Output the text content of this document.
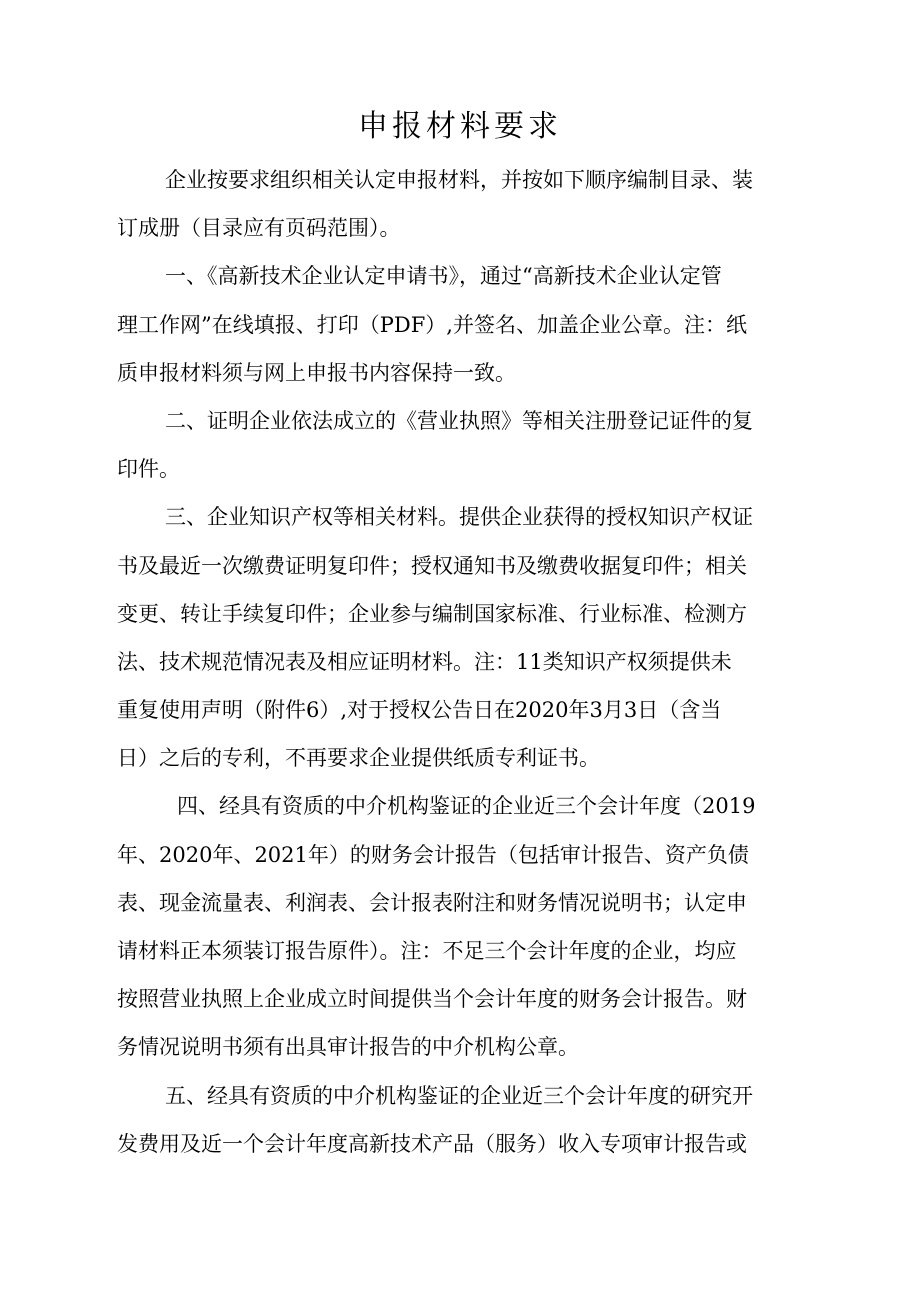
申报材料要求
企业按要求组织相关认定申报材料，并按如下顺序编制目录、装
订成册（目录应有页码范围）。
一、《高新技术企业认定申请书》，通过“高新技术企业认定管
理工作网”在线填报、打印（PDF）,并签名、加盖企业公章。注：纸
质申报材料须与网上申报书内容保持一致。
二、证明企业依法成立的《营业执照》等相关注册登记证件的复
印件。
三、企业知识产权等相关材料。提供企业获得的授权知识产权证
书及最近一次缴费证明复印件；授权通知书及缴费收据复印件；相关
变更、转让手续复印件；企业参与编制国家标准、行业标准、检测方
法、技术规范情况表及相应证明材料。注：11类知识产权须提供未
重复使用声明（附件6）,对于授权公告日在2020年3月3日（含当
日）之后的专利，不再要求企业提供纸质专利证书。
四、经具有资质的中介机构鉴证的企业近三个会计年度（2019
年、2020年、2021年）的财务会计报告（包括审计报告、资产负债
表、现金流量表、利润表、会计报表附注和财务情况说明书；认定申
请材料正本须装订报告原件）。注：不足三个会计年度的企业，均应
按照营业执照上企业成立时间提供当个会计年度的财务会计报告。财
务情况说明书须有出具审计报告的中介机构公章。
五、经具有资质的中介机构鉴证的企业近三个会计年度的研究开
发费用及近一个会计年度高新技术产品（服务）收入专项审计报告或
